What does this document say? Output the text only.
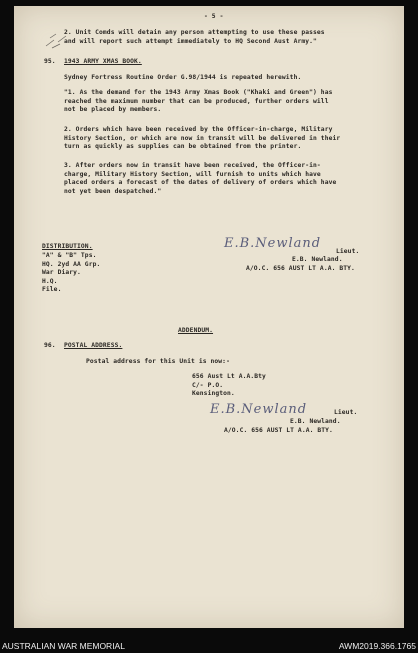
- 5 -

2. Unit Comds will detain any person attempting to use these passes
and will report such attempt immediately to HQ Second Aust Army."

95. 1943 ARMY XMAS BOOK.

Sydney Fortress Routine Order G.98/1944 is repeated herewith.

"1. As the demand for the 1943 Army Xmas Book ("Khaki and Green") has
reached the maximum number that can be produced, further orders will
not be placed by members.

2. Orders which have been received by the Officer-in-charge, Military
History Section, or which are now in transit will be delivered in their
turn as quickly as supplies can be obtained from the printer.

3. After orders now in transit have been received, the Officer-in-
charge, Military History Section, will furnish to units which have
placed orders a forecast of the dates of delivery of orders which have
not yet been despatched."

DISTRIBUTION.

"A" & "B" Tps.
HQ. 2yd AA Grp.
War Diary.
H.Q.
File.

E.B.Newland

Lieut.

E.B. Newland.

A/O.C. 656 AUST LT A.A. BTY.

ADDENDUM.

96. POSTAL ADDRESS.

Postal address for this Unit is now:-

656 Aust Lt A.A.Bty
C/- P.O.
Kensington.

E.B.Newland	Lieut.

E.B. Newland.

A/O.C. 656 AUST LT A.A. BTY.

AUSTRALIAN WAR MEMORIAL	AWM2019.366.1765
